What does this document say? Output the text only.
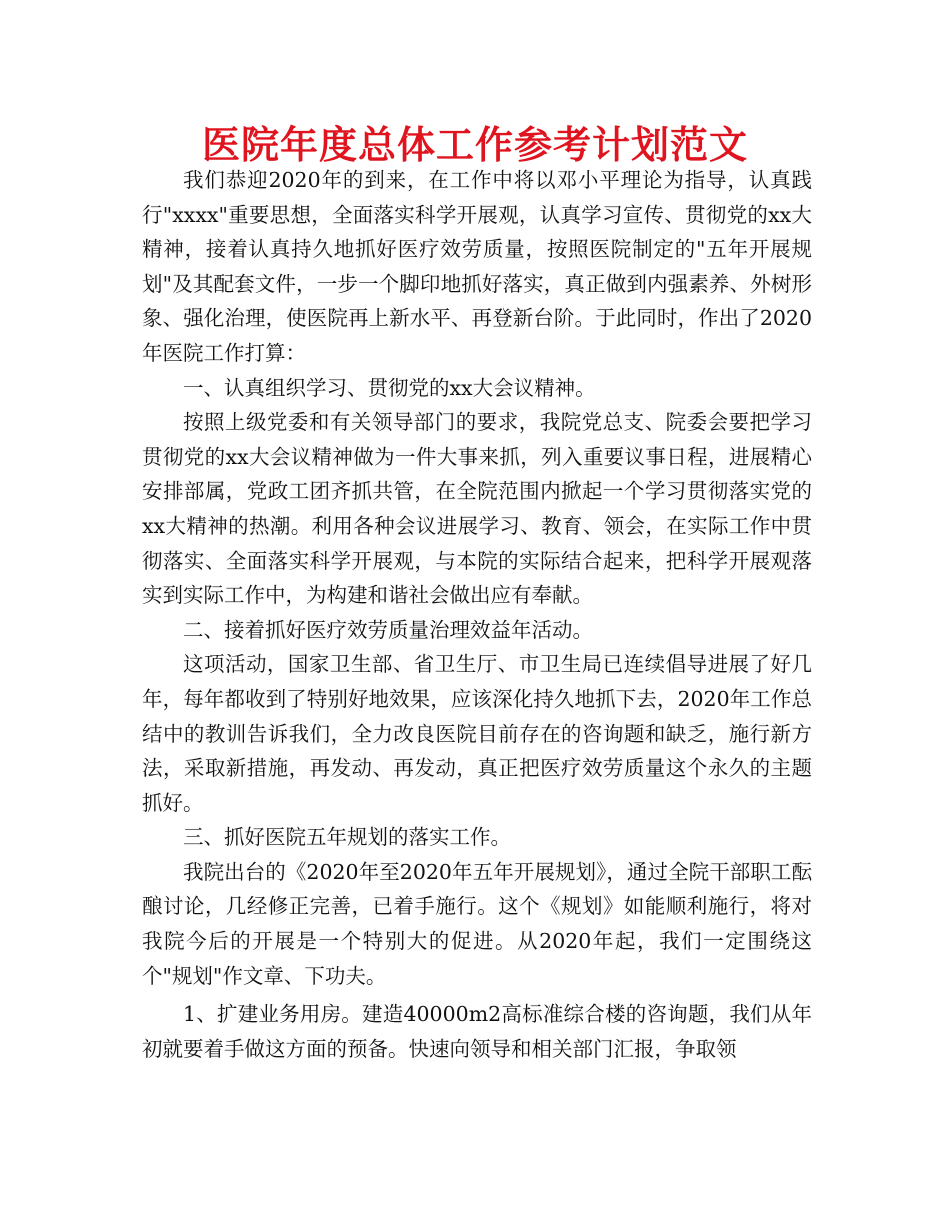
医院年度总体工作参考计划范文

我们恭迎2020年的到来，在工作中将以邓小平理论为指导，认真践行"xxxx"重要思想，全面落实科学开展观，认真学习宣传、贯彻党的xx大精神，接着认真持久地抓好医疗效劳质量，按照医院制定的"五年开展规划"及其配套文件，一步一个脚印地抓好落实，真正做到内强素养、外树形象、强化治理，使医院再上新水平、再登新台阶。于此同时，作出了2020年医院工作打算：

一、认真组织学习、贯彻党的xx大会议精神。

按照上级党委和有关领导部门的要求，我院党总支、院委会要把学习贯彻党的xx大会议精神做为一件大事来抓，列入重要议事日程，进展精心安排部属，党政工团齐抓共管，在全院范围内掀起一个学习贯彻落实党的xx大精神的热潮。利用各种会议进展学习、教育、领会，在实际工作中贯彻落实、全面落实科学开展观，与本院的实际结合起来，把科学开展观落实到实际工作中，为构建和谐社会做出应有奉献。

二、接着抓好医疗效劳质量治理效益年活动。

这项活动，国家卫生部、省卫生厅、市卫生局已连续倡导进展了好几年，每年都收到了特别好地效果，应该深化持久地抓下去，2020年工作总结中的教训告诉我们，全力改良医院目前存在的咨询题和缺乏，施行新方法，采取新措施，再发动、再发动，真正把医疗效劳质量这个永久的主题抓好。

三、抓好医院五年规划的落实工作。

我院出台的《2020年至2020年五年开展规划》，通过全院干部职工酝酿讨论，几经修正完善，已着手施行。这个《规划》如能顺利施行，将对我院今后的开展是一个特别大的促进。从2020年起，我们一定围绕这个"规划"作文章、下功夫。

1、扩建业务用房。建造40000m2高标准综合楼的咨询题，我们从年初就要着手做这方面的预备。快速向领导和相关部门汇报，争取领
